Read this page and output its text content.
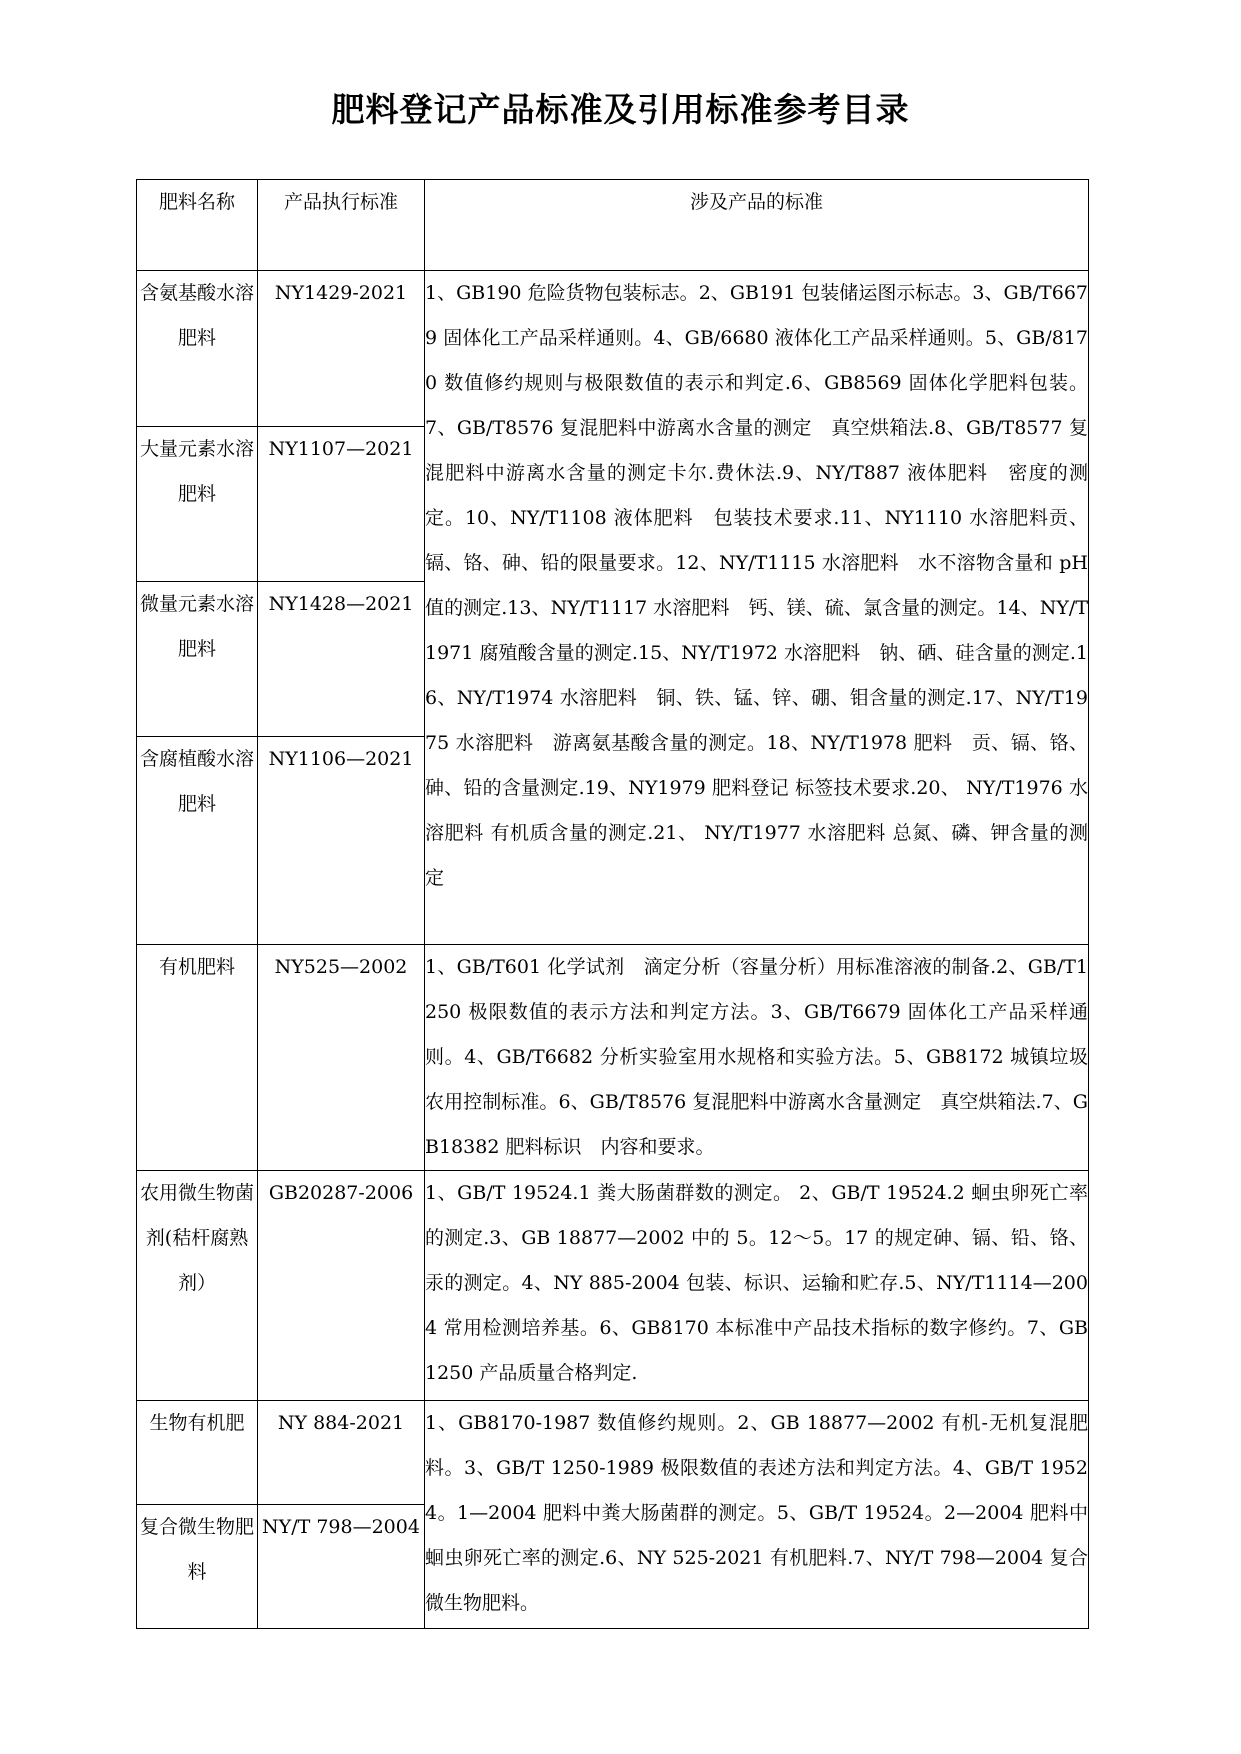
肥料登记产品标准及引用标准参考目录
肥料名称	产品执行标准	涉及产品的标准
含氨基酸水溶肥料	NY1429-2021	1、GB190 危险货物包装标志。2、GB191 包装储运图示标志。3、GB/T6679 固体化工产品采样通则。4、GB/6680 液体化工产品采样通则。5、GB/8170 数值修约规则与极限数值的表示和判定.6、GB8569 固体化学肥料包装。7、GB/T8576 复混肥料中游离水含量的测定　真空烘箱法.8、GB/T8577 复混肥料中游离水含量的测定卡尔.费休法.9、NY/T887 液体肥料　密度的测定。10、NY/T1108 液体肥料　包装技术要求.11、NY1110 水溶肥料贡、镉、铬、砷、铅的限量要求。12、NY/T1115 水溶肥料　水不溶物含量和 pH 值的测定.13、NY/T1117 水溶肥料　钙、镁、硫、氯含量的测定。14、NY/T1971 腐殖酸含量的测定.15、NY/T1972 水溶肥料　钠、硒、硅含量的测定.16、NY/T1974 水溶肥料　铜、铁、锰、锌、硼、钼含量的测定.17、NY/T1975 水溶肥料　游离氨基酸含量的测定。18、NY/T1978 肥料　贡、镉、铬、砷、铅的含量测定.19、NY1979 肥料登记 标签技术要求.20、 NY/T1976 水溶肥料 有机质含量的测定.21、 NY/T1977 水溶肥料 总氮、磷、钾含量的测定
大量元素水溶肥料	NY1107—2021	
微量元素水溶肥料	NY1428—2021	
含腐植酸水溶肥料	NY1106—2021	
有机肥料	NY525—2002	1、GB/T601 化学试剂　滴定分析（容量分析）用标准溶液的制备.2、GB/T1250 极限数值的表示方法和判定方法。3、GB/T6679 固体化工产品采样通则。4、GB/T6682 分析实验室用水规格和实验方法。5、GB8172 城镇垃圾农用控制标准。6、GB/T8576 复混肥料中游离水含量测定　真空烘箱法.7、GB18382 肥料标识　内容和要求。
农用微生物菌剂(秸杆腐熟剂）	GB20287-2006	1、GB/T 19524.1 粪大肠菌群数的测定。 2、GB/T 19524.2 蛔虫卵死亡率的测定.3、GB 18877—2002 中的 5。12～5。17 的规定砷、镉、铅、铬、汞的测定。4、NY 885-2004 包装、标识、运输和贮存.5、NY/T1114—2004 常用检测培养基。6、GB8170 本标准中产品技术指标的数字修约。7、GB 1250 产品质量合格判定.
生物有机肥	NY 884-2021	1、GB8170-1987 数值修约规则。2、GB 18877—2002 有机-无机复混肥料。3、GB/T 1250-1989 极限数值的表述方法和判定方法。4、GB/T 19524。1—2004 肥料中粪大肠菌群的测定。5、GB/T 19524。2—2004 肥料中蛔虫卵死亡率的测定.6、NY 525-2021 有机肥料.7、NY/T 798—2004 复合微生物肥料。
复合微生物肥料	NY/T 798—2004	
